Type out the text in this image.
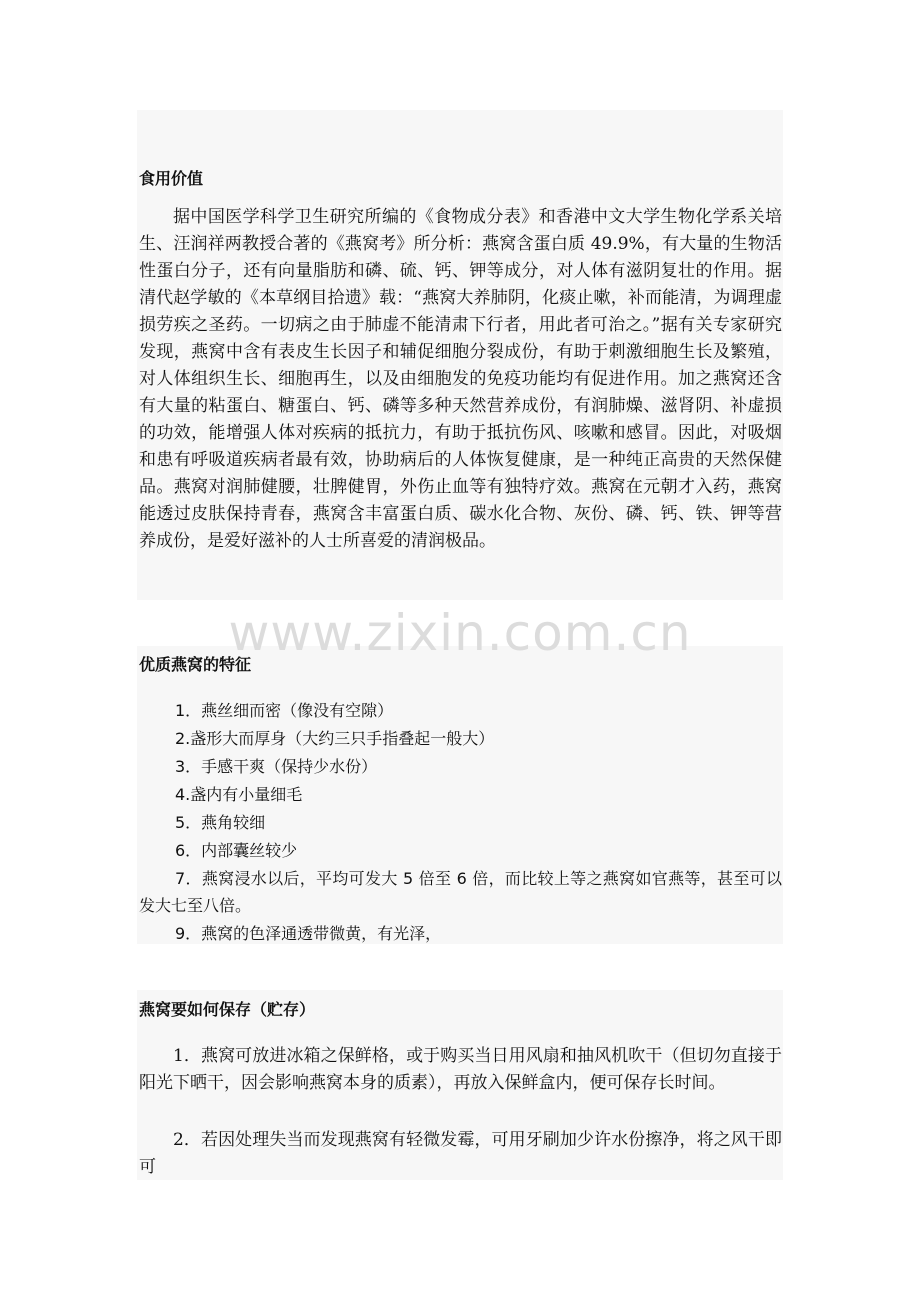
食用价值

据中国医学科学卫生研究所编的《食物成分表》和香港中文大学生物化学系关培生、汪润祥两教授合著的《燕窝考》所分析：燕窝含蛋白质 49.9%，有大量的生物活性蛋白分子，还有向量脂肪和磷、硫、钙、钾等成分，对人体有滋阴复壮的作用。据清代赵学敏的《本草纲目拾遗》载：“燕窝大养肺阴，化痰止嗽，补而能清，为调理虚损劳疾之圣药。一切病之由于肺虚不能清肃下行者，用此者可治之。”据有关专家研究发现，燕窝中含有表皮生长因子和辅促细胞分裂成份，有助于刺激细胞生长及繁殖，对人体组织生长、细胞再生，以及由细胞发的免疫功能均有促进作用。加之燕窝还含有大量的粘蛋白、糖蛋白、钙、磷等多种天然营养成份，有润肺燥、滋肾阴、补虚损的功效，能增强人体对疾病的抵抗力，有助于抵抗伤风、咳嗽和感冒。因此，对吸烟和患有呼吸道疾病者最有效，协助病后的人体恢复健康，是一种纯正高贵的天然保健品。燕窝对润肺健腰，壮脾健胃，外伤止血等有独特疗效。燕窝在元朝才入药，燕窝能透过皮肤保持青春，燕窝含丰富蛋白质、碳水化合物、灰份、磷、钙、铁、钾等营养成份，是爱好滋补的人士所喜爱的清润极品。

www.zixin.com.cn
优质燕窝的特征
1．燕丝细而密（像没有空隙）
2.盏形大而厚身（大约三只手指叠起一般大）
3．手感干爽（保持少水份）
4.盏内有小量细毛
5．燕角较细
6．内部囊丝较少
7．燕窝浸水以后，平均可发大 5 倍至 6 倍，而比较上等之燕窝如官燕等，甚至可以发大七至八倍。
9．燕窝的色泽通透带微黄，有光泽，
燕窝要如何保存（贮存）

1．燕窝可放进冰箱之保鲜格，或于购买当日用风扇和抽风机吹干（但切勿直接于阳光下晒干，因会影响燕窝本身的质素），再放入保鲜盒内，便可保存长时间。

2．若因处理失当而发现燕窝有轻微发霉，可用牙刷加少许水份擦净，将之风干即可
